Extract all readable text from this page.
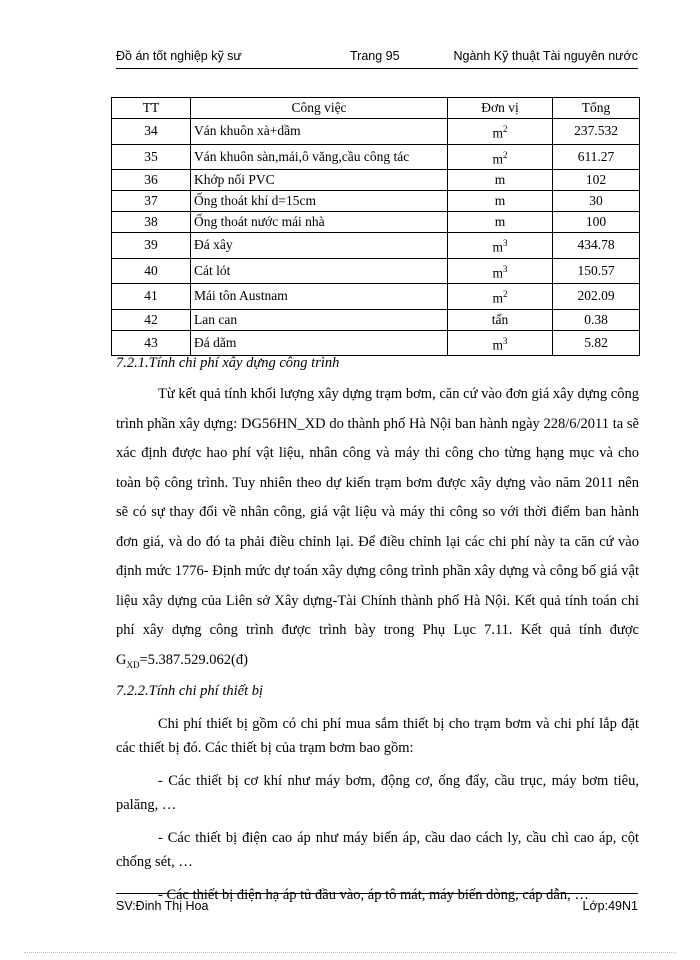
Đồ án tốt nghiệp kỹ sư	Trang 95	Ngành Kỹ thuật Tài nguyên nước
TT	Công việc	Đơn vị	Tổng
34	Ván khuôn xà+dầm	$m^2$	237.532
35	Ván khuôn sàn,mái,ô văng,cầu công tác	$m^2$	611.27
36	Khớp nối PVC	m	102
37	Ống thoát khí d=15cm	m	30
38	Ống thoát nước mái nhà	m	100
39	Đá xây	$m^3$	434.78
40	Cát lót	$m^3$	150.57
41	Mái tôn Austnam	$m^2$	202.09
42	Lan can	tấn	0.38
43	Đá dăm	$m^3$	5.82
7.2.1.Tính chi phí xây dựng công trình

Từ kết quả tính khối lượng xây dựng trạm bơm, căn cứ vào đơn giá xây dựng công trình phần xây dựng: DG56HN_XD do thành phố Hà Nội ban hành ngày 228/6/2011 ta sẽ xác định được hao phí vật liệu, nhân công và máy thi công cho từng hạng mục và cho toàn bộ công trình. Tuy nhiên theo dự kiến trạm bơm được xây dựng vào năm 2011 nên sẽ có sự thay đổi về nhân công, giá vật liệu và máy thi công so với thời điểm ban hành đơn giá, và do đó ta phải điều chỉnh lại. Để điều chỉnh lại các chi phí này ta căn cứ vào định mức 1776- Định mức dự toán xây dựng công trình phần xây dựng và công bố giá vật liệu xây dựng của Liên sở Xây dựng-Tài Chính thành phố Hà Nội. Kết quả tính toán chi phí xây dựng công trình được trình bày trong Phụ Lục 7.11. Kết quả tính được $G_{XD}=5.387.529.062(đ)$

7.2.2.Tính chi phí thiết bị

Chi phí thiết bị gồm có chi phí mua sắm thiết bị cho trạm bơm và chi phí lắp đặt các thiết bị đó. Các thiết bị của trạm bơm bao gồm:

- Các thiết bị cơ khí như máy bơm, động cơ, ống đẩy, cầu trục, máy bơm tiêu, palăng, …

- Các thiết bị điện cao áp như máy biến áp, cầu dao cách ly, cầu chì cao áp, cột chống sét, …

- Các thiết bị điện hạ áp tủ đầu vào, áp tô mát, máy biến dòng, cáp dẫn, …

SV:Đinh Thị Hoa	Lớp:49N1
